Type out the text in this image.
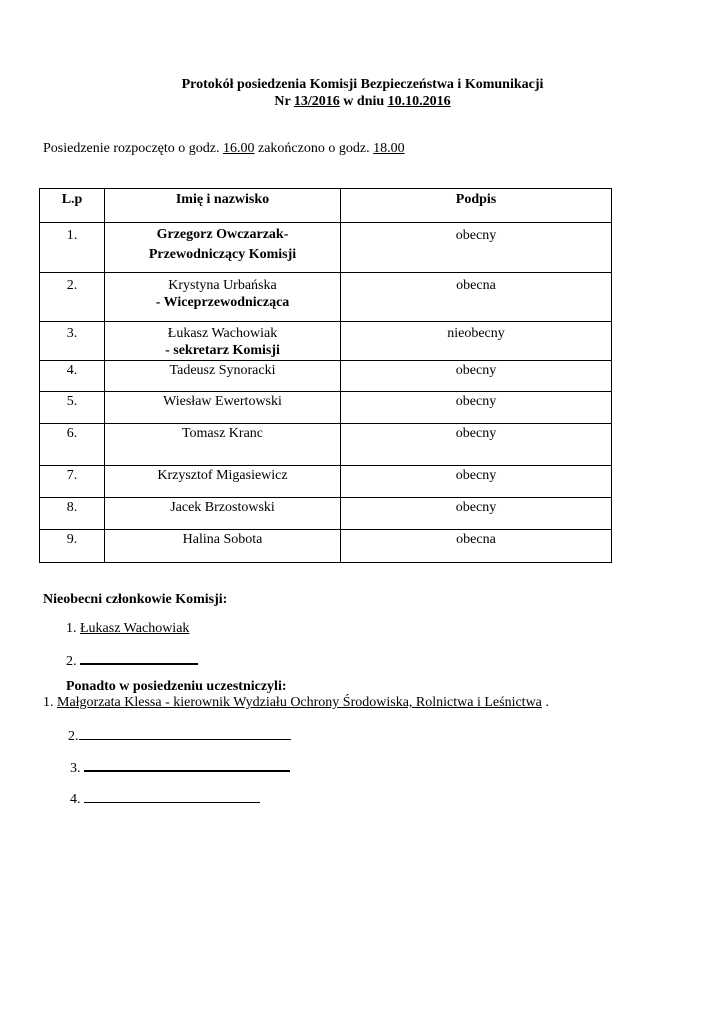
Protokół posiedzenia Komisji Bezpieczeństwa i Komunikacji
Nr 13/2016 w dniu 10.10.2016
Posiedzenie rozpoczęto o godz. 16.00 zakończono o godz. 18.00
L.p	Imię i nazwisko	Podpis
1.	Grzegorz Owczarzak-
Przewodniczący Komisji	obecny
2.	Krystyna Urbańska
- Wiceprzewodnicząca	obecna
3.	Łukasz Wachowiak
- sekretarz Komisji	nieobecny
4.	Tadeusz Synoracki	obecny
5.	Wiesław Ewertowski	obecny
6.	Tomasz Kranc	obecny
7.	Krzysztof Migasiewicz	obecny
8.	Jacek Brzostowski	obecny
9.	Halina Sobota	obecna
Nieobecni członkowie Komisji:
1. Łukasz Wachowiak
2.
Ponadto w posiedzeniu uczestniczyli:
1. Małgorzata Klessa - kierownik Wydziału Ochrony Środowiska, Rolnictwa i Leśnictwa .
2.
3.
4.
